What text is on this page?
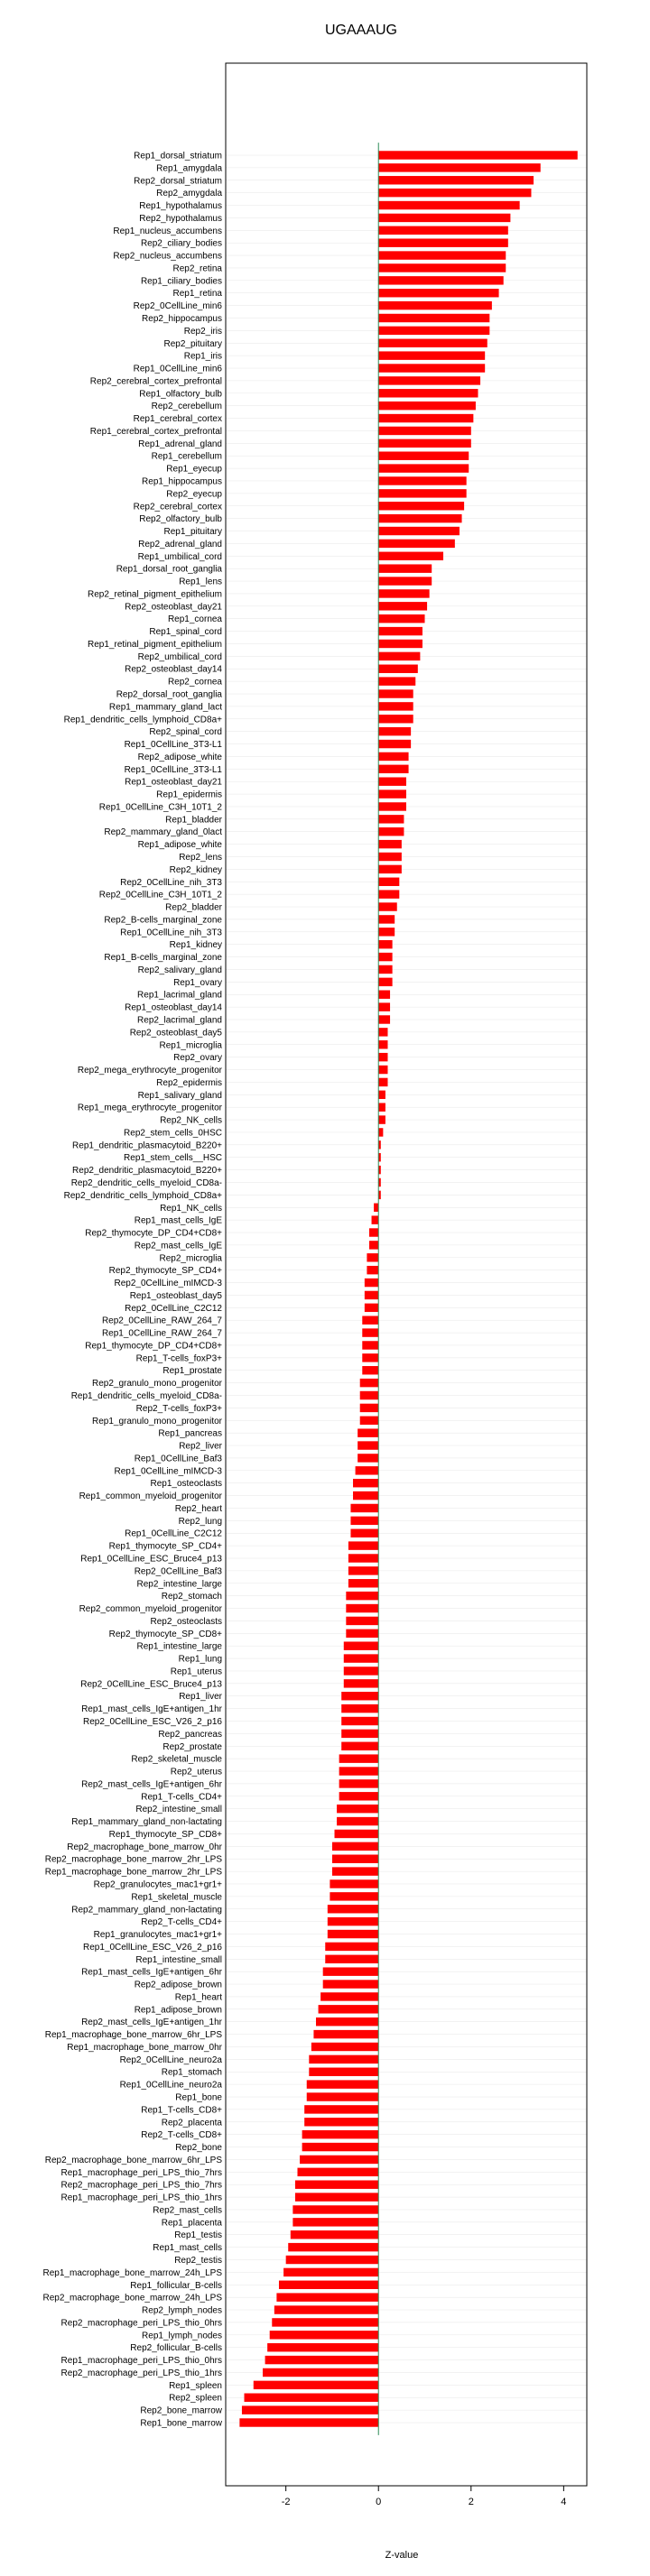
UGAAAUG
Rep1_dorsal_striatum
Rep1_amygdala
Rep2_dorsal_striatum
Rep2_amygdala
Rep1_hypothalamus
Rep2_hypothalamus
Rep1_nucleus_accumbens
Rep2_ciliary_bodies
Rep2_nucleus_accumbens
Rep2_retina
Rep1_ciliary_bodies
Rep1_retina
Rep2_0CellLine_min6
Rep2_hippocampus
Rep2_iris
Rep2_pituitary
Rep1_iris
Rep1_0CellLine_min6
Rep2_cerebral_cortex_prefrontal
Rep1_olfactory_bulb
Rep2_cerebellum
Rep1_cerebral_cortex
Rep1_cerebral_cortex_prefrontal
Rep1_adrenal_gland
Rep1_cerebellum
Rep1_eyecup
Rep1_hippocampus
Rep2_eyecup
Rep2_cerebral_cortex
Rep2_olfactory_bulb
Rep1_pituitary
Rep2_adrenal_gland
Rep1_umbilical_cord
Rep1_dorsal_root_ganglia
Rep1_lens
Rep2_retinal_pigment_epithelium
Rep2_osteoblast_day21
Rep1_cornea
Rep1_spinal_cord
Rep1_retinal_pigment_epithelium
Rep2_umbilical_cord
Rep2_osteoblast_day14
Rep2_cornea
Rep2_dorsal_root_ganglia
Rep1_mammary_gland_lact
Rep1_dendritic_cells_lymphoid_CD8a+
Rep2_spinal_cord
Rep1_0CellLine_3T3-L1
Rep2_adipose_white
Rep1_0CellLine_3T3-L1
Rep1_osteoblast_day21
Rep1_epidermis
Rep1_0CellLine_C3H_10T1_2
Rep1_bladder
Rep2_mammary_gland_0lact
Rep1_adipose_white
Rep2_lens
Rep2_kidney
Rep2_0CellLine_nih_3T3
Rep2_0CellLine_C3H_10T1_2
Rep2_bladder
Rep2_B-cells_marginal_zone
Rep1_0CellLine_nih_3T3
Rep1_kidney
Rep1_B-cells_marginal_zone
Rep2_salivary_gland
Rep1_ovary
Rep1_lacrimal_gland
Rep1_osteoblast_day14
Rep2_lacrimal_gland
Rep2_osteoblast_day5
Rep1_microglia
Rep2_ovary
Rep2_mega_erythrocyte_progenitor
Rep2_epidermis
Rep1_salivary_gland
Rep1_mega_erythrocyte_progenitor
Rep2_NK_cells
Rep2_stem_cells_0HSC
Rep1_dendritic_plasmacytoid_B220+
Rep1_stem_cells__HSC
Rep2_dendritic_plasmacytoid_B220+
Rep2_dendritic_cells_myeloid_CD8a-
Rep2_dendritic_cells_lymphoid_CD8a+
Rep1_NK_cells
Rep1_mast_cells_IgE
Rep2_thymocyte_DP_CD4+CD8+
Rep2_mast_cells_IgE
Rep2_microglia
Rep2_thymocyte_SP_CD4+
Rep2_0CellLine_mIMCD-3
Rep1_osteoblast_day5
Rep2_0CellLine_C2C12
Rep2_0CellLine_RAW_264_7
Rep1_0CellLine_RAW_264_7
Rep1_thymocyte_DP_CD4+CD8+
Rep1_T-cells_foxP3+
Rep1_prostate
Rep2_granulo_mono_progenitor
Rep1_dendritic_cells_myeloid_CD8a-
Rep2_T-cells_foxP3+
Rep1_granulo_mono_progenitor
Rep1_pancreas
Rep2_liver
Rep1_0CellLine_Baf3
Rep1_0CellLine_mIMCD-3
Rep1_osteoclasts
Rep1_common_myeloid_progenitor
Rep2_heart
Rep2_lung
Rep1_0CellLine_C2C12
Rep1_thymocyte_SP_CD4+
Rep1_0CellLine_ESC_Bruce4_p13
Rep2_0CellLine_Baf3
Rep2_intestine_large
Rep2_stomach
Rep2_common_myeloid_progenitor
Rep2_osteoclasts
Rep2_thymocyte_SP_CD8+
Rep1_intestine_large
Rep1_lung
Rep1_uterus
Rep2_0CellLine_ESC_Bruce4_p13
Rep1_liver
Rep1_mast_cells_IgE+antigen_1hr
Rep2_0CellLine_ESC_V26_2_p16
Rep2_pancreas
Rep2_prostate
Rep2_skeletal_muscle
Rep2_uterus
Rep2_mast_cells_IgE+antigen_6hr
Rep1_T-cells_CD4+
Rep2_intestine_small
Rep1_mammary_gland_non-lactating
Rep1_thymocyte_SP_CD8+
Rep2_macrophage_bone_marrow_0hr
Rep2_macrophage_bone_marrow_2hr_LPS
Rep1_macrophage_bone_marrow_2hr_LPS
Rep2_granulocytes_mac1+gr1+
Rep1_skeletal_muscle
Rep2_mammary_gland_non-lactating
Rep2_T-cells_CD4+
Rep1_granulocytes_mac1+gr1+
Rep1_0CellLine_ESC_V26_2_p16
Rep1_intestine_small
Rep1_mast_cells_IgE+antigen_6hr
Rep2_adipose_brown
Rep1_heart
Rep1_adipose_brown
Rep2_mast_cells_IgE+antigen_1hr
Rep1_macrophage_bone_marrow_6hr_LPS
Rep1_macrophage_bone_marrow_0hr
Rep2_0CellLine_neuro2a
Rep1_stomach
Rep1_0CellLine_neuro2a
Rep1_bone
Rep1_T-cells_CD8+
Rep2_placenta
Rep2_T-cells_CD8+
Rep2_bone
Rep2_macrophage_bone_marrow_6hr_LPS
Rep1_macrophage_peri_LPS_thio_7hrs
Rep2_macrophage_peri_LPS_thio_7hrs
Rep1_macrophage_peri_LPS_thio_1hrs
Rep2_mast_cells
Rep1_placenta
Rep1_testis
Rep1_mast_cells
Rep2_testis
Rep1_macrophage_bone_marrow_24h_LPS
Rep1_follicular_B-cells
Rep2_macrophage_bone_marrow_24h_LPS
Rep2_lymph_nodes
Rep2_macrophage_peri_LPS_thio_0hrs
Rep1_lymph_nodes
Rep2_follicular_B-cells
Rep1_macrophage_peri_LPS_thio_0hrs
Rep2_macrophage_peri_LPS_thio_1hrs
Rep1_spleen
Rep2_spleen
Rep2_bone_marrow
Rep1_bone_marrow
-2	0	2	4
Z-value
